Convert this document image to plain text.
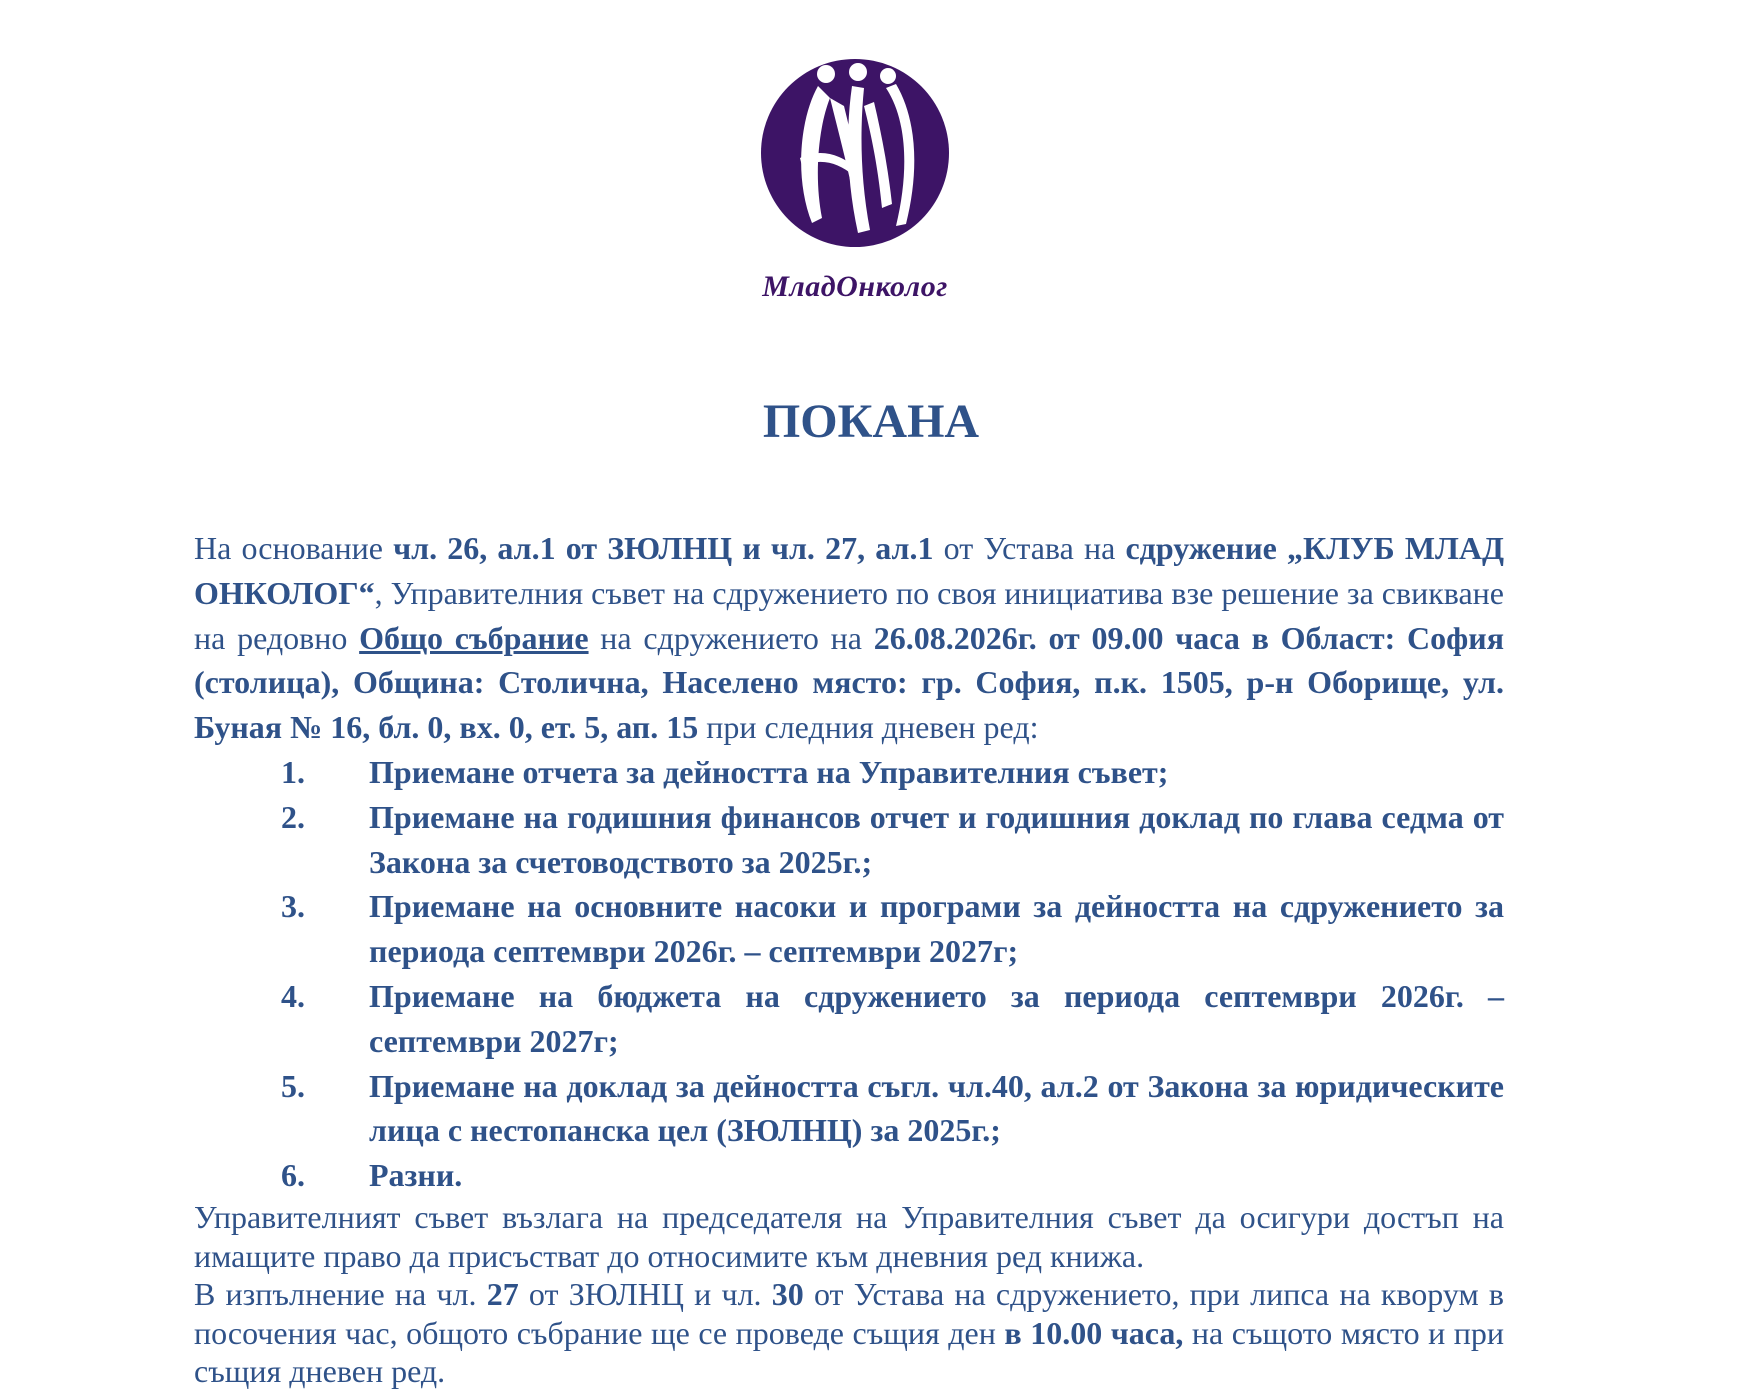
МладОнколог
ПОКАНА

На основание чл. 26, ал.1 от ЗЮЛНЦ и чл. 27, ал.1 от Устава на сдружение „КЛУБ МЛАД ОНКОЛОГ“, Управителния съвет на сдружението по своя инициатива взе решение за свикване на редовно Общо събрание на сдружението на 26.08.2026г. от 09.00 часа в Област: София (столица), Община: Столична, Населено място: гр. София, п.к. 1505, р-н Оборище, ул. Буная № 16, бл. 0, вх. 0, ет. 5, ап. 15 при следния дневен ред:

1. Приемане отчета за дейността на Управителния съвет;
2. Приемане на годишния финансов отчет и годишния доклад по глава седма от Закона за счетоводството за 2025г.;
3. Приемане на основните насоки и програми за дейността на сдружението за периода септември 2026г. – септември 2027г;
4. Приемане на бюджета на сдружението за периода септември 2026г. – септември 2027г;
5. Приемане на доклад за дейността съгл. чл.40, ал.2 от Закона за юридическите лица с нестопанска цел (ЗЮЛНЦ) за 2025г.;
6. Разни.

Управителният съвет възлага на председателя на Управителния съвет да осигури достъп на имащите право да присъстват до относимите към дневния ред книжа.

В изпълнение на чл. 27 от ЗЮЛНЦ и чл. 30 от Устава на сдружението, при липса на кворум в посочения час, общото събрание ще се проведе същия ден в 10.00 часа, на същото място и при същия дневен ред.
